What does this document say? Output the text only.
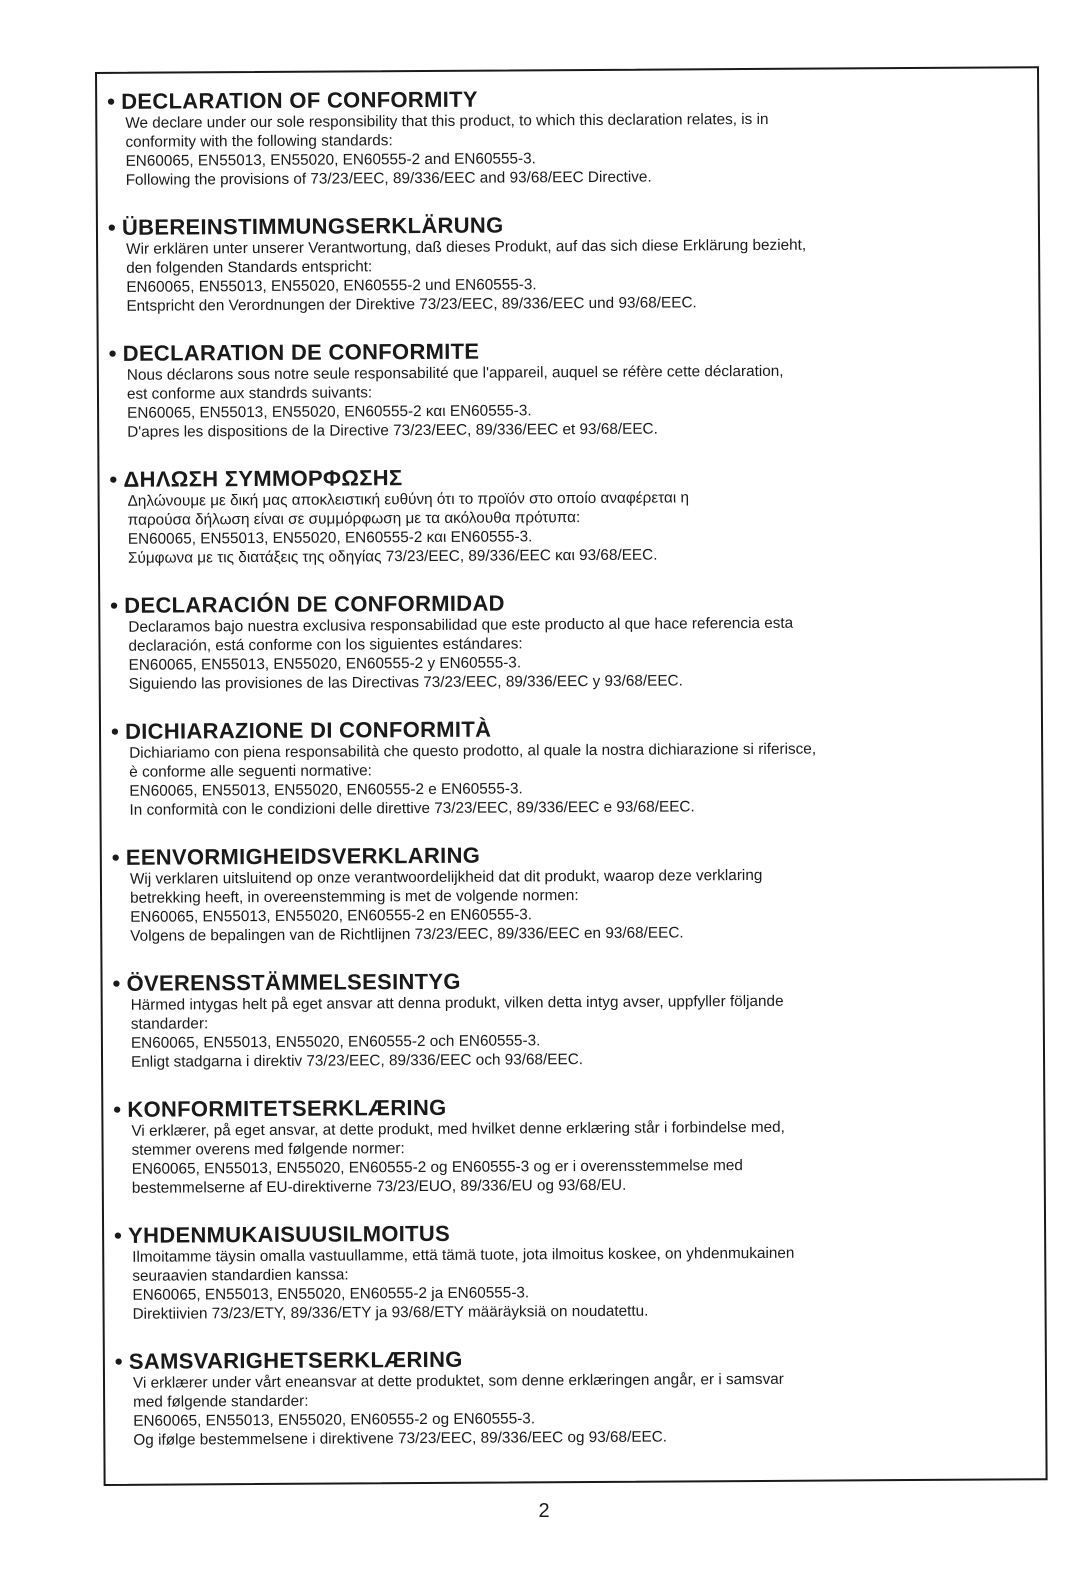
• DECLARATION OF CONFORMITY
We declare under our sole responsibility that this product, to which this declaration relates, is in
conformity with the following standards:
EN60065, EN55013, EN55020, EN60555-2 and EN60555-3.
Following the provisions of 73/23/EEC, 89/336/EEC and 93/68/EEC Directive.
• ÜBEREINSTIMMUNGSERKLÄRUNG
Wir erklären unter unserer Verantwortung, daß dieses Produkt, auf das sich diese Erklärung bezieht,
den folgenden Standards entspricht:
EN60065, EN55013, EN55020, EN60555-2 und EN60555-3.
Entspricht den Verordnungen der Direktive 73/23/EEC, 89/336/EEC und 93/68/EEC.
• DECLARATION DE CONFORMITE
Nous déclarons sous notre seule responsabilité que l'appareil, auquel se réfère cette déclaration,
est conforme aux standrds suivants:
EN60065, EN55013, EN55020, EN60555-2 και EN60555-3.
D'apres les dispositions de la Directive 73/23/EEC, 89/336/EEC et 93/68/EEC.
• ΔΗΛΩΣΗ ΣΥΜΜΟΡΦΩΣΗΣ
Δηλώνουμε με δική μας αποκλειστική ευθύνη ότι το προϊόν στο οποίο αναφέρεται η
παρούσα δήλωση είναι σε συμμόρφωση με τα ακόλουθα πρότυπα:
EN60065, EN55013, EN55020, EN60555-2 και EN60555-3.
Σύμφωνα με τις διατάξεις της οδηγίας 73/23/EEC, 89/336/EEC και 93/68/EEC.
• DECLARACIÓN DE CONFORMIDAD
Declaramos bajo nuestra exclusiva responsabilidad que este producto al que hace referencia esta
declaración, está conforme con los siguientes estándares:
EN60065, EN55013, EN55020, EN60555-2 y EN60555-3.
Siguiendo las provisiones de las Directivas 73/23/EEC, 89/336/EEC y 93/68/EEC.
• DICHIARAZIONE DI CONFORMITÀ
Dichiariamo con piena responsabilità che questo prodotto, al quale la nostra dichiarazione si riferisce,
è conforme alle seguenti normative:
EN60065, EN55013, EN55020, EN60555-2 e EN60555-3.
In conformità con le condizioni delle direttive 73/23/EEC, 89/336/EEC e 93/68/EEC.
• EENVORMIGHEIDSVERKLARING
Wij verklaren uitsluitend op onze verantwoordelijkheid dat dit produkt, waarop deze verklaring
betrekking heeft, in overeenstemming is met de volgende normen:
EN60065, EN55013, EN55020, EN60555-2 en EN60555-3.
Volgens de bepalingen van de Richtlijnen 73/23/EEC, 89/336/EEC en 93/68/EEC.
• ÖVERENSSTÄMMELSESINTYG
Härmed intygas helt på eget ansvar att denna produkt, vilken detta intyg avser, uppfyller följande
standarder:
EN60065, EN55013, EN55020, EN60555-2 och EN60555-3.
Enligt stadgarna i direktiv 73/23/EEC, 89/336/EEC och 93/68/EEC.
• KONFORMITETSERKLÆRING
Vi erklærer, på eget ansvar, at dette produkt, med hvilket denne erklæring står i forbindelse med,
stemmer overens med følgende normer:
EN60065, EN55013, EN55020, EN60555-2 og EN60555-3 og er i overensstemmelse med
bestemmelserne af EU-direktiverne 73/23/EUO, 89/336/EU og 93/68/EU.
• YHDENMUKAISUUSILMOITUS
Ilmoitamme täysin omalla vastuullamme, että tämä tuote, jota ilmoitus koskee, on yhdenmukainen
seuraavien standardien kanssa:
EN60065, EN55013, EN55020, EN60555-2 ja EN60555-3.
Direktiivien 73/23/ETY, 89/336/ETY ja 93/68/ETY määräyksiä on noudatettu.
• SAMSVARIGHETSERKLÆRING
Vi erklærer under vårt eneansvar at dette produktet, som denne erklæringen angår, er i samsvar
med følgende standarder:
EN60065, EN55013, EN55020, EN60555-2 og EN60555-3.
Og ifølge bestemmelsene i direktivene 73/23/EEC, 89/336/EEC og 93/68/EEC.
2
